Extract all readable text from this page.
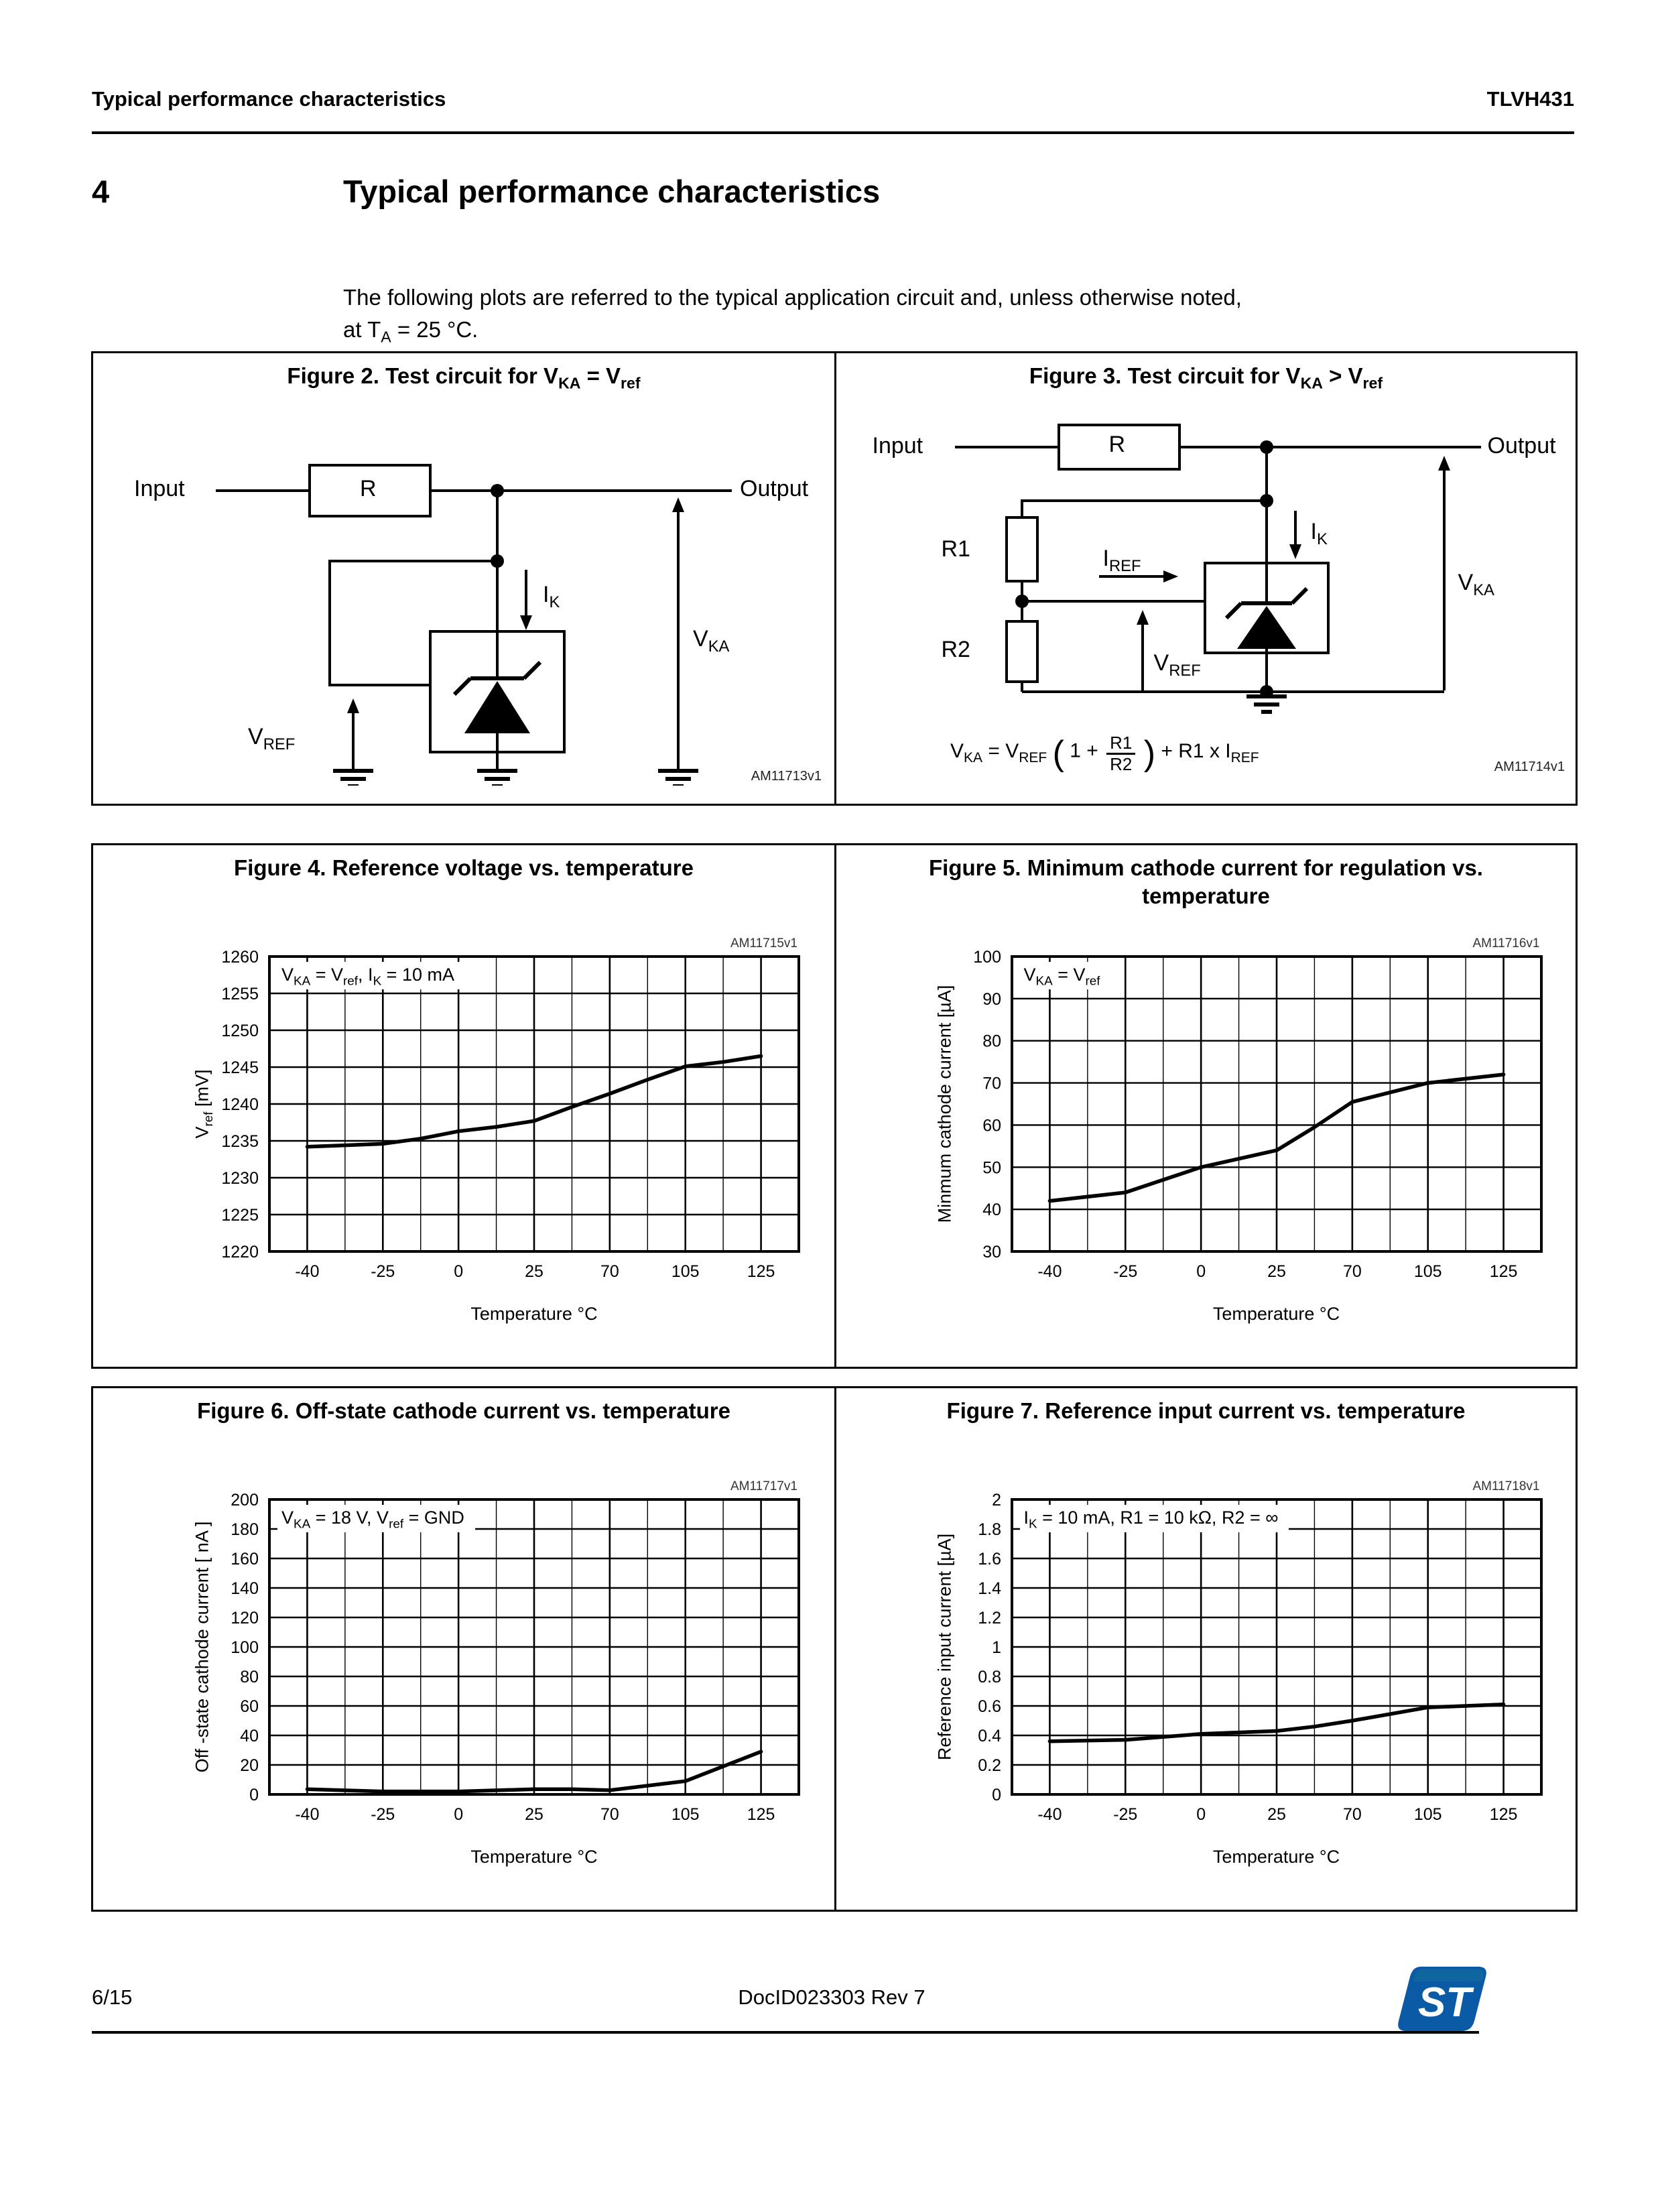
Typical performance characteristics	TLVH431
4	Typical performance characteristics
The following plots are referred to the typical application circuit and, unless otherwise noted,
at $T_A = 25$ °C.
Figure 2. Test circuit for $V_{KA} = V_{ref}$
Input	R	Output
$I_K$
$V_{KA}$
$V_{REF}$
AM11713v1
Figure 3. Test circuit for $V_{KA} > V_{ref}$
Input	R	Output
$I_K$
R1
R2
$I_{REF}$
$V_{REF}$
$V_{KA}$
$V_{KA} = V_{REF}$ ( $1 + \frac{R1}{R2}$ ) + R1 x $I_{REF}$
AM11714v1
Figure 4. Reference voltage vs. temperature
1220
1225
1230
1235
1240
1245
1250
1255
1260
-40	-25	0	25	70	105	125
$V_{ref}$ [mV]
Temperature °C
$V_{KA} = V_{ref}$, $I_K = 10$ mA
AM11715v1
Figure 5. Minimum cathode current for regulation vs. temperature
30
40
50
60
70
80
90
100
-40	-25	0	25	70	105	125
Minmum cathode current [µA]
Temperature °C
$V_{KA} = V_{ref}$
AM11716v1
Figure 6. Off-state cathode current vs. temperature
0
20
40
60
80
100
120
140
160
180
200
-40	-25	0	25	70	105	125
Off -state cathode current [ nA ]
Temperature °C
$V_{KA} = 18$ V, $V_{ref}$ = GND
AM11717v1
Figure 7. Reference input current vs. temperature
0
0.2
0.4
0.6
0.8
1
1.2
1.4
1.6
1.8
2
-40	-25	0	25	70	105	125
Reference input current [µA]
Temperature °C
$I_K = 10$ mA, R1 = 10 kΩ, R2 = ∞
AM11718v1
6/15	DocID023303 Rev 7	ST
